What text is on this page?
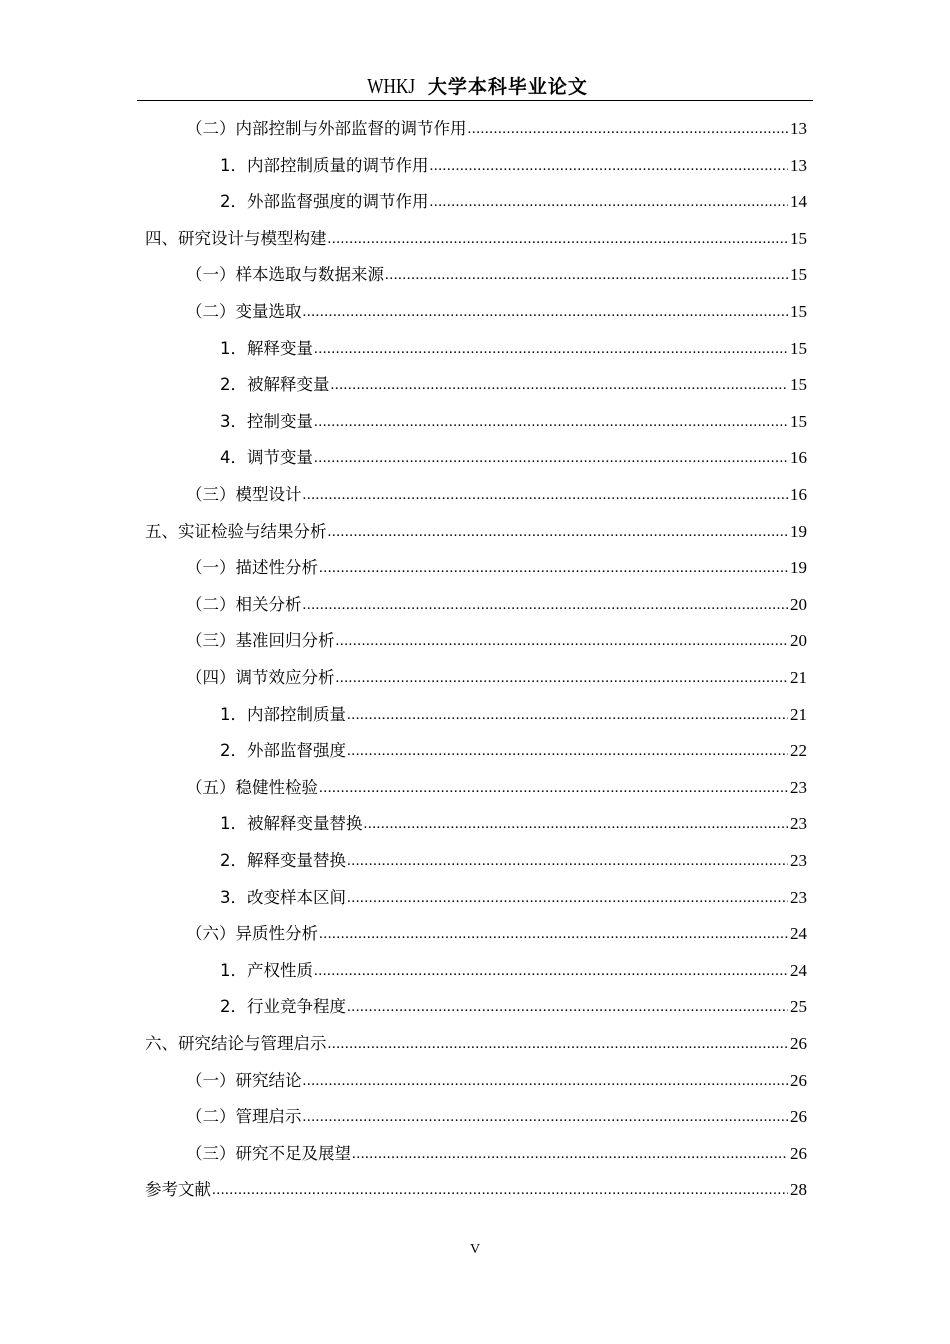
WHKJ 大学本科毕业论文
（二）内部控制与外部监督的调节作用 .....	13
1．内部控制质量的调节作用 .....	13
2．外部监督强度的调节作用 .....	14
四、研究设计与模型构建 .....	15
（一）样本选取与数据来源 .....	15
（二）变量选取 .....	15
1．解释变量 .....	15
2．被解释变量 .....	15
3．控制变量 .....	15
4．调节变量 .....	16
（三）模型设计 .....	16
五、实证检验与结果分析 .....	19
（一）描述性分析 .....	19
（二）相关分析 .....	20
（三）基准回归分析 .....	20
（四）调节效应分析 .....	21
1．内部控制质量 .....	21
2．外部监督强度 .....	22
（五）稳健性检验 .....	23
1．被解释变量替换 .....	23
2．解释变量替换 .....	23
3．改变样本区间 .....	23
（六）异质性分析 .....	24
1．产权性质 .....	24
2．行业竞争程度 .....	25
六、研究结论与管理启示 .....	26
（一）研究结论 .....	26
（二）管理启示 .....	26
（三）研究不足及展望 .....	26
参考文献 .....	28
V
